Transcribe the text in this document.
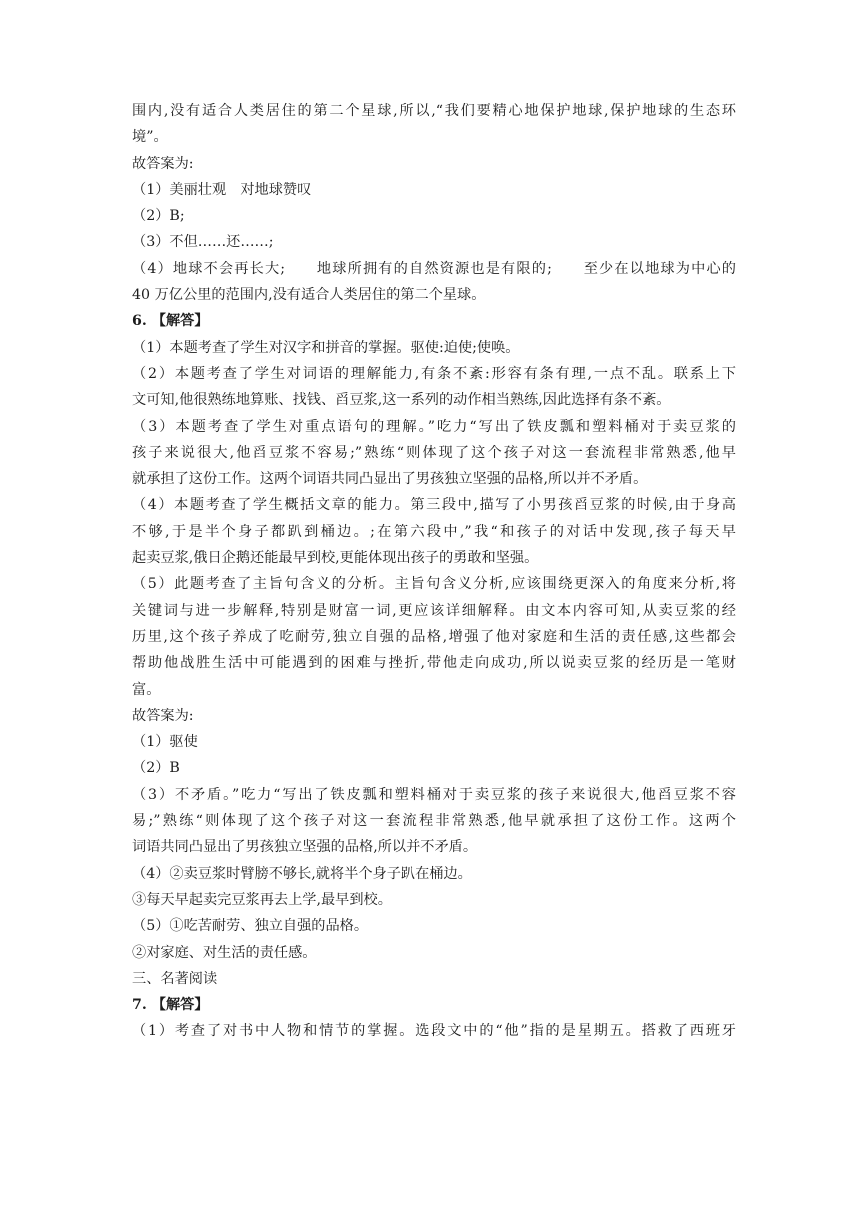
围内,没有适合人类居住的第二个星球,所以,“我们要精心地保护地球,保护地球的生态环
境”。
故答案为:
（1）美丽壮观　对地球赞叹
（2）B;
（3）不但……还……;
（4）地球不会再长大;　　地球所拥有的自然资源也是有限的;　　至少在以地球为中心的
40 万亿公里的范围内,没有适合人类居住的第二个星球。
6. 【解答】
（1）本题考查了学生对汉字和拼音的掌握。驱使:迫使;使唤。
（2）本题考查了学生对词语的理解能力,有条不紊:形容有条有理,一点不乱。联系上下
文可知,他很熟练地算账、找钱、舀豆浆,这一系列的动作相当熟练,因此选择有条不紊。
（3）本题考查了学生对重点语句的理解。”吃力“写出了铁皮瓢和塑料桶对于卖豆浆的
孩子来说很大,他舀豆浆不容易;”熟练“则体现了这个孩子对这一套流程非常熟悉,他早
就承担了这份工作。这两个词语共同凸显出了男孩独立坚强的品格,所以并不矛盾。
（4）本题考查了学生概括文章的能力。第三段中,描写了小男孩舀豆浆的时候,由于身高
不够,于是半个身子都趴到桶边。;在第六段中,”我“和孩子的对话中发现,孩子每天早
起卖豆浆,俄日企鹅还能最早到校,更能体现出孩子的勇敢和坚强。
（5）此题考查了主旨句含义的分析。主旨句含义分析,应该围绕更深入的角度来分析,将
关键词与进一步解释,特别是财富一词,更应该详细解释。由文本内容可知,从卖豆浆的经
历里,这个孩子养成了吃耐劳,独立自强的品格,增强了他对家庭和生活的责任感,这些都会
帮助他战胜生活中可能遇到的困难与挫折,带他走向成功,所以说卖豆浆的经历是一笔财
富。
故答案为:
（1）驱使
（2）B
（3）不矛盾。”吃力“写出了铁皮瓢和塑料桶对于卖豆浆的孩子来说很大,他舀豆浆不容
易;”熟练“则体现了这个孩子对这一套流程非常熟悉,他早就承担了这份工作。这两个
词语共同凸显出了男孩独立坚强的品格,所以并不矛盾。
（4）②卖豆浆时臂膀不够长,就将半个身子趴在桶边。
③每天早起卖完豆浆再去上学,最早到校。
（5）①吃苦耐劳、独立自强的品格。
②对家庭、对生活的责任感。
三、名著阅读
7. 【解答】
（1）考查了对书中人物和情节的掌握。选段文中的“他”指的是星期五。搭救了西班牙
